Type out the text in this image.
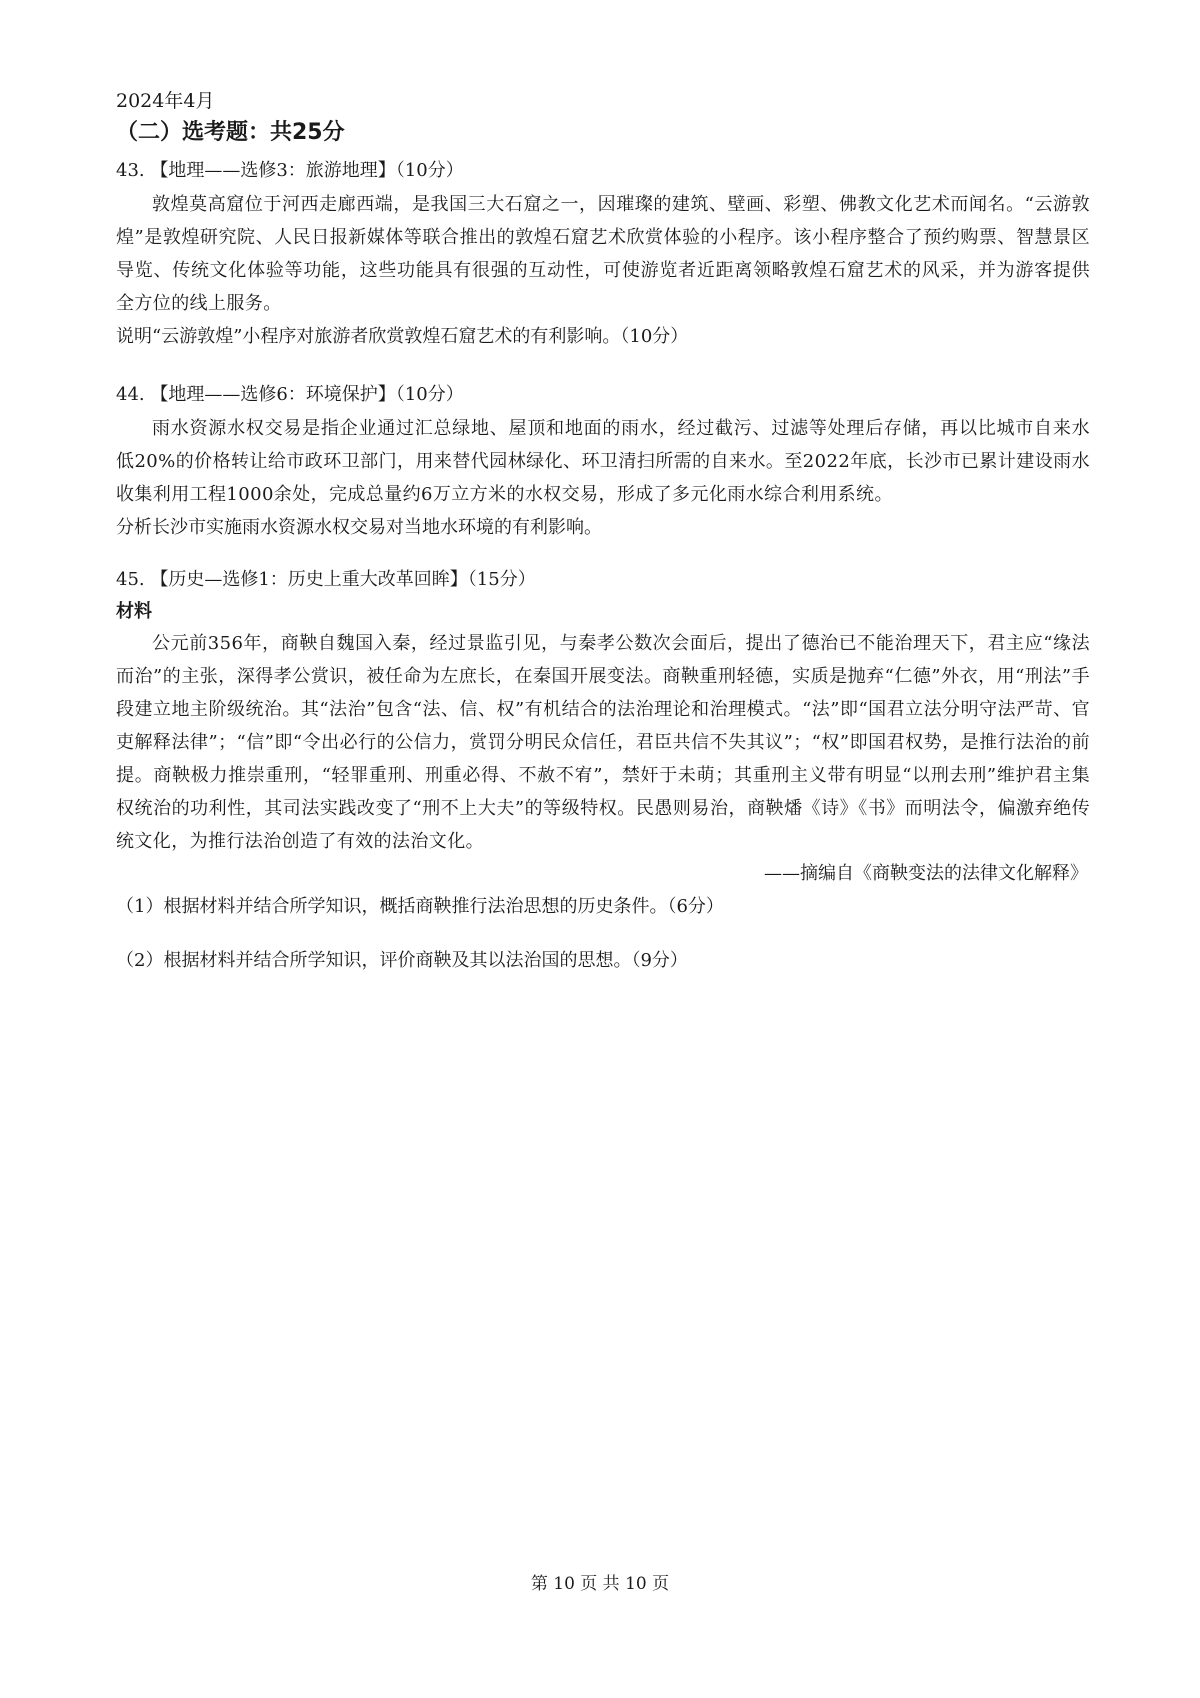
2024年4月
（二）选考题：共25分
43. 【地理——选修3：旅游地理】（10分）
敦煌莫高窟位于河西走廊西端，是我国三大石窟之一，因璀璨的建筑、壁画、彩塑、佛教文化艺术而闻名。“云游敦煌”是敦煌研究院、人民日报新媒体等联合推出的敦煌石窟艺术欣赏体验的小程序。该小程序整合了预约购票、智慧景区导览、传统文化体验等功能，这些功能具有很强的互动性，可使游览者近距离领略敦煌石窟艺术的风采，并为游客提供全方位的线上服务。
说明“云游敦煌”小程序对旅游者欣赏敦煌石窟艺术的有利影响。（10分）
44. 【地理——选修6：环境保护】（10分）
雨水资源水权交易是指企业通过汇总绿地、屋顶和地面的雨水，经过截污、过滤等处理后存储，再以比城市自来水低20%的价格转让给市政环卫部门，用来替代园林绿化、环卫清扫所需的自来水。至2022年底，长沙市已累计建设雨水收集利用工程1000余处，完成总量约6万立方米的水权交易，形成了多元化雨水综合利用系统。
分析长沙市实施雨水资源水权交易对当地水环境的有利影响。
45. 【历史—选修1：历史上重大改革回眸】（15分）
材料
公元前356年，商鞅自魏国入秦，经过景监引见，与秦孝公数次会面后，提出了德治已不能治理天下，君主应“缘法而治”的主张，深得孝公赏识，被任命为左庶长，在秦国开展变法。商鞅重刑轻德，实质是抛弃“仁德”外衣，用“刑法”手段建立地主阶级统治。其“法治”包含“法、信、权”有机结合的法治理论和治理模式。“法”即“国君立法分明守法严苛、官吏解释法律”；“信”即“令出必行的公信力，赏罚分明民众信任，君臣共信不失其议”；“权”即国君权势，是推行法治的前提。商鞅极力推崇重刑，“轻罪重刑、刑重必得、不赦不宥”，禁奸于未萌；其重刑主义带有明显“以刑去刑”维护君主集权统治的功利性，其司法实践改变了“刑不上大夫”的等级特权。民愚则易治，商鞅燔《诗》《书》而明法令，偏激弃绝传统文化，为推行法治创造了有效的法治文化。
——摘编自《商鞅变法的法律文化解释》
（1）根据材料并结合所学知识，概括商鞅推行法治思想的历史条件。（6分）
（2）根据材料并结合所学知识，评价商鞅及其以法治国的思想。（9分）
第 10 页 共 10 页
